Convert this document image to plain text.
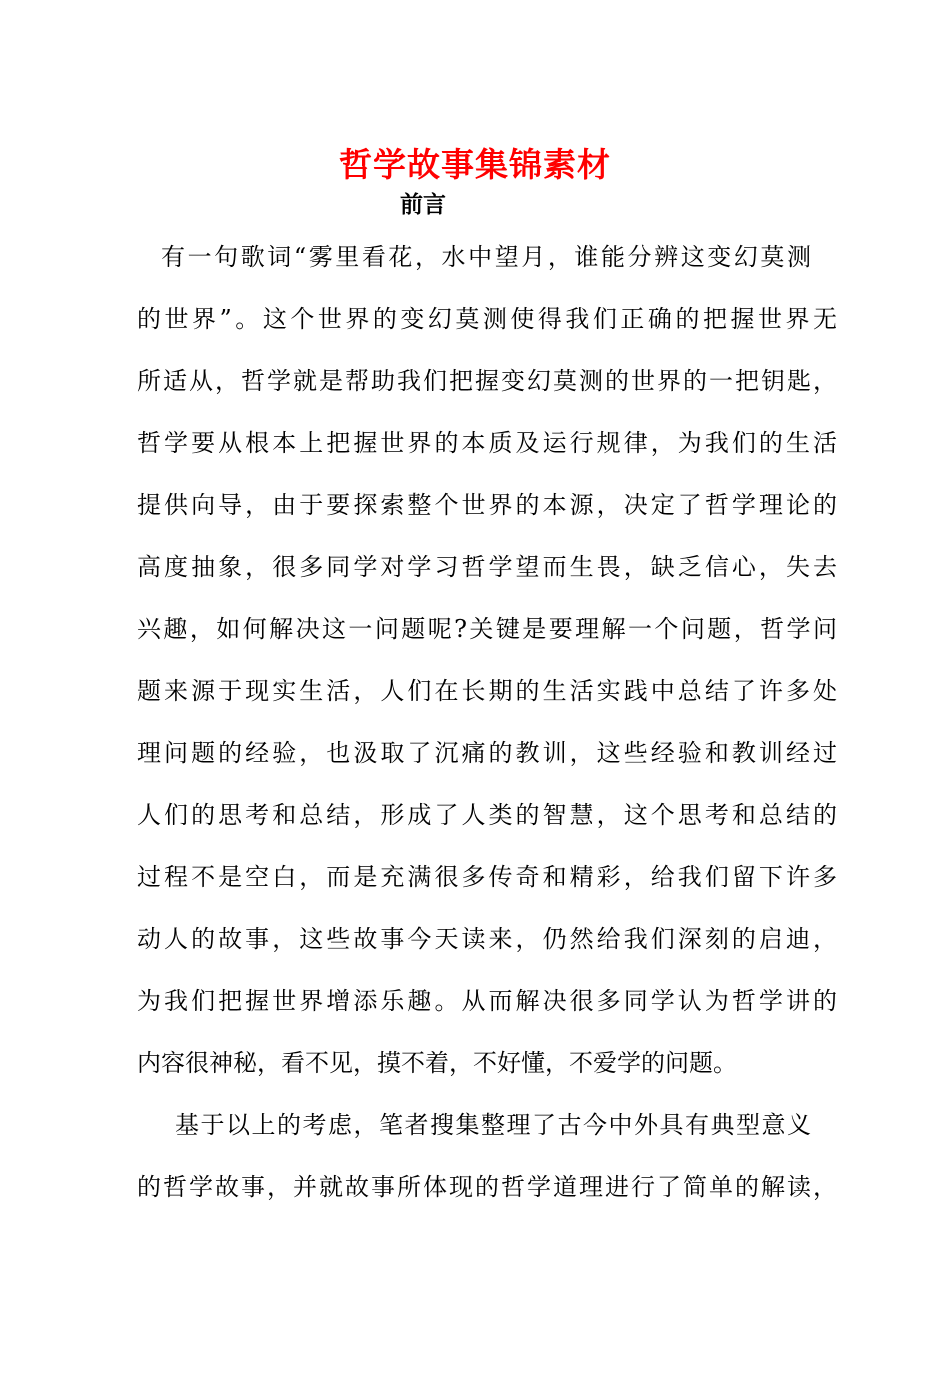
哲学故事集锦素材
前言

有一句歌词“雾里看花，水中望月，谁能分辨这变幻莫测

的世界”。这个世界的变幻莫测使得我们正确的把握世界无

所适从，哲学就是帮助我们把握变幻莫测的世界的一把钥匙，

哲学要从根本上把握世界的本质及运行规律，为我们的生活

提供向导，由于要探索整个世界的本源，决定了哲学理论的

高度抽象，很多同学对学习哲学望而生畏，缺乏信心，失去

兴趣，如何解决这一问题呢?关键是要理解一个问题，哲学问

题来源于现实生活，人们在长期的生活实践中总结了许多处

理问题的经验，也汲取了沉痛的教训，这些经验和教训经过

人们的思考和总结，形成了人类的智慧，这个思考和总结的

过程不是空白，而是充满很多传奇和精彩，给我们留下许多

动人的故事，这些故事今天读来，仍然给我们深刻的启迪，

为我们把握世界增添乐趣。从而解决很多同学认为哲学讲的

内容很神秘，看不见，摸不着，不好懂，不爱学的问题。

基于以上的考虑，笔者搜集整理了古今中外具有典型意义

的哲学故事，并就故事所体现的哲学道理进行了简单的解读，
